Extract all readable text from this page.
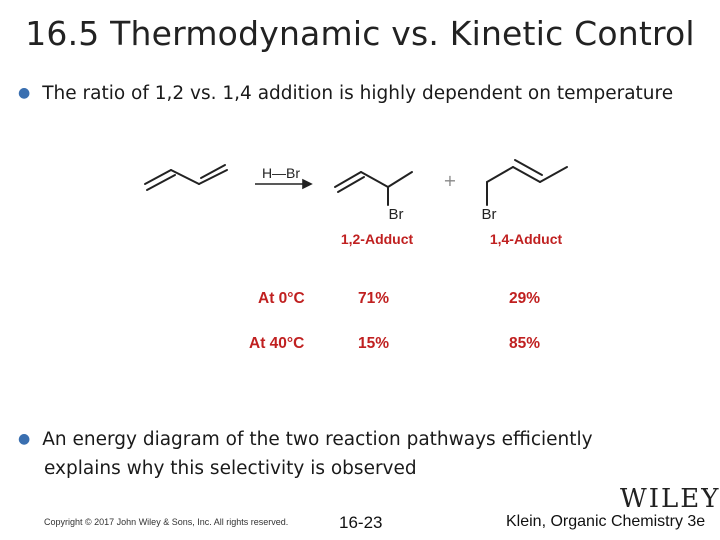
16.5 Thermodynamic vs. Kinetic Control
● The ratio of 1,2 vs. 1,4 addition is highly dependent on temperature
H—Br
Br
1,2-Adduct
+
Br
1,4-Adduct
At 0°C	71%	29%
At 40°C	15%	85%
● An energy diagram of the two reaction pathways efficiently
explains why this selectivity is observed
WILEY
Copyright © 2017 John Wiley & Sons, Inc. All rights reserved.	16-23	Klein, Organic Chemistry 3e
